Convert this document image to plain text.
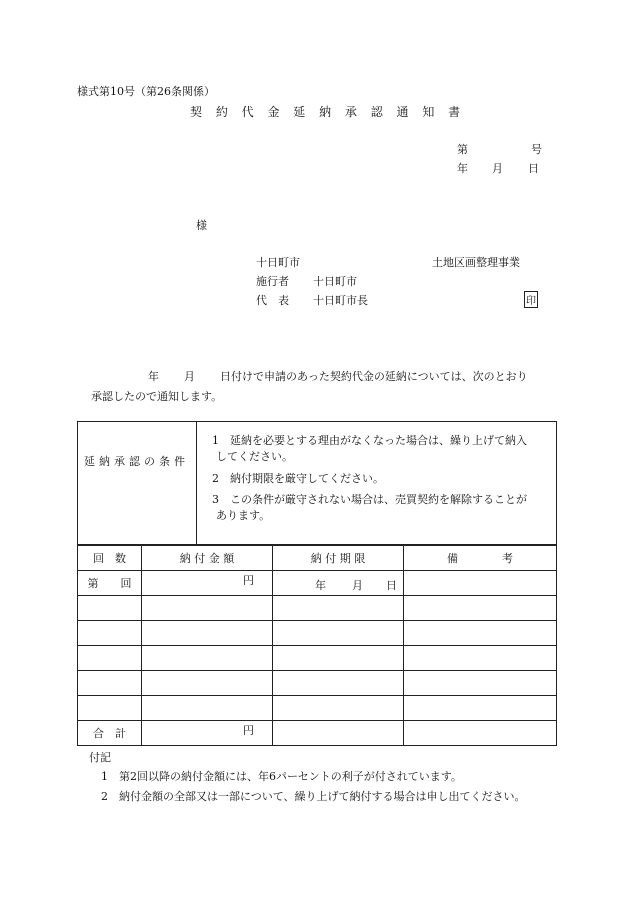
様式第10号（第26条関係）
契 約 代 金 延 納 承 認 通 知 書
第	号
年 月 日
様
十日町市	土地区画整理事業
施行者 十日町市
代　表 十日町市長	印
年 月 日付けで申請のあった契約代金の延納については、次のとおり
承認したので通知します。
延納承認の条件

1　延納を必要とする理由がなくなった場合は、繰り上げて納入
してください。
2　納付期限を厳守してください。
3　この条件が厳守されない場合は、売買契約を解除することが
あります。
回　数	納 付 金 額	納 付 期 限	備　　　　考
第　　回	円	年 月 日	

合　計	円		

付記
1　第2回以降の納付金額には、年6パーセントの利子が付されています。
2　納付金額の全部又は一部について、繰り上げて納付する場合は申し出てください。
